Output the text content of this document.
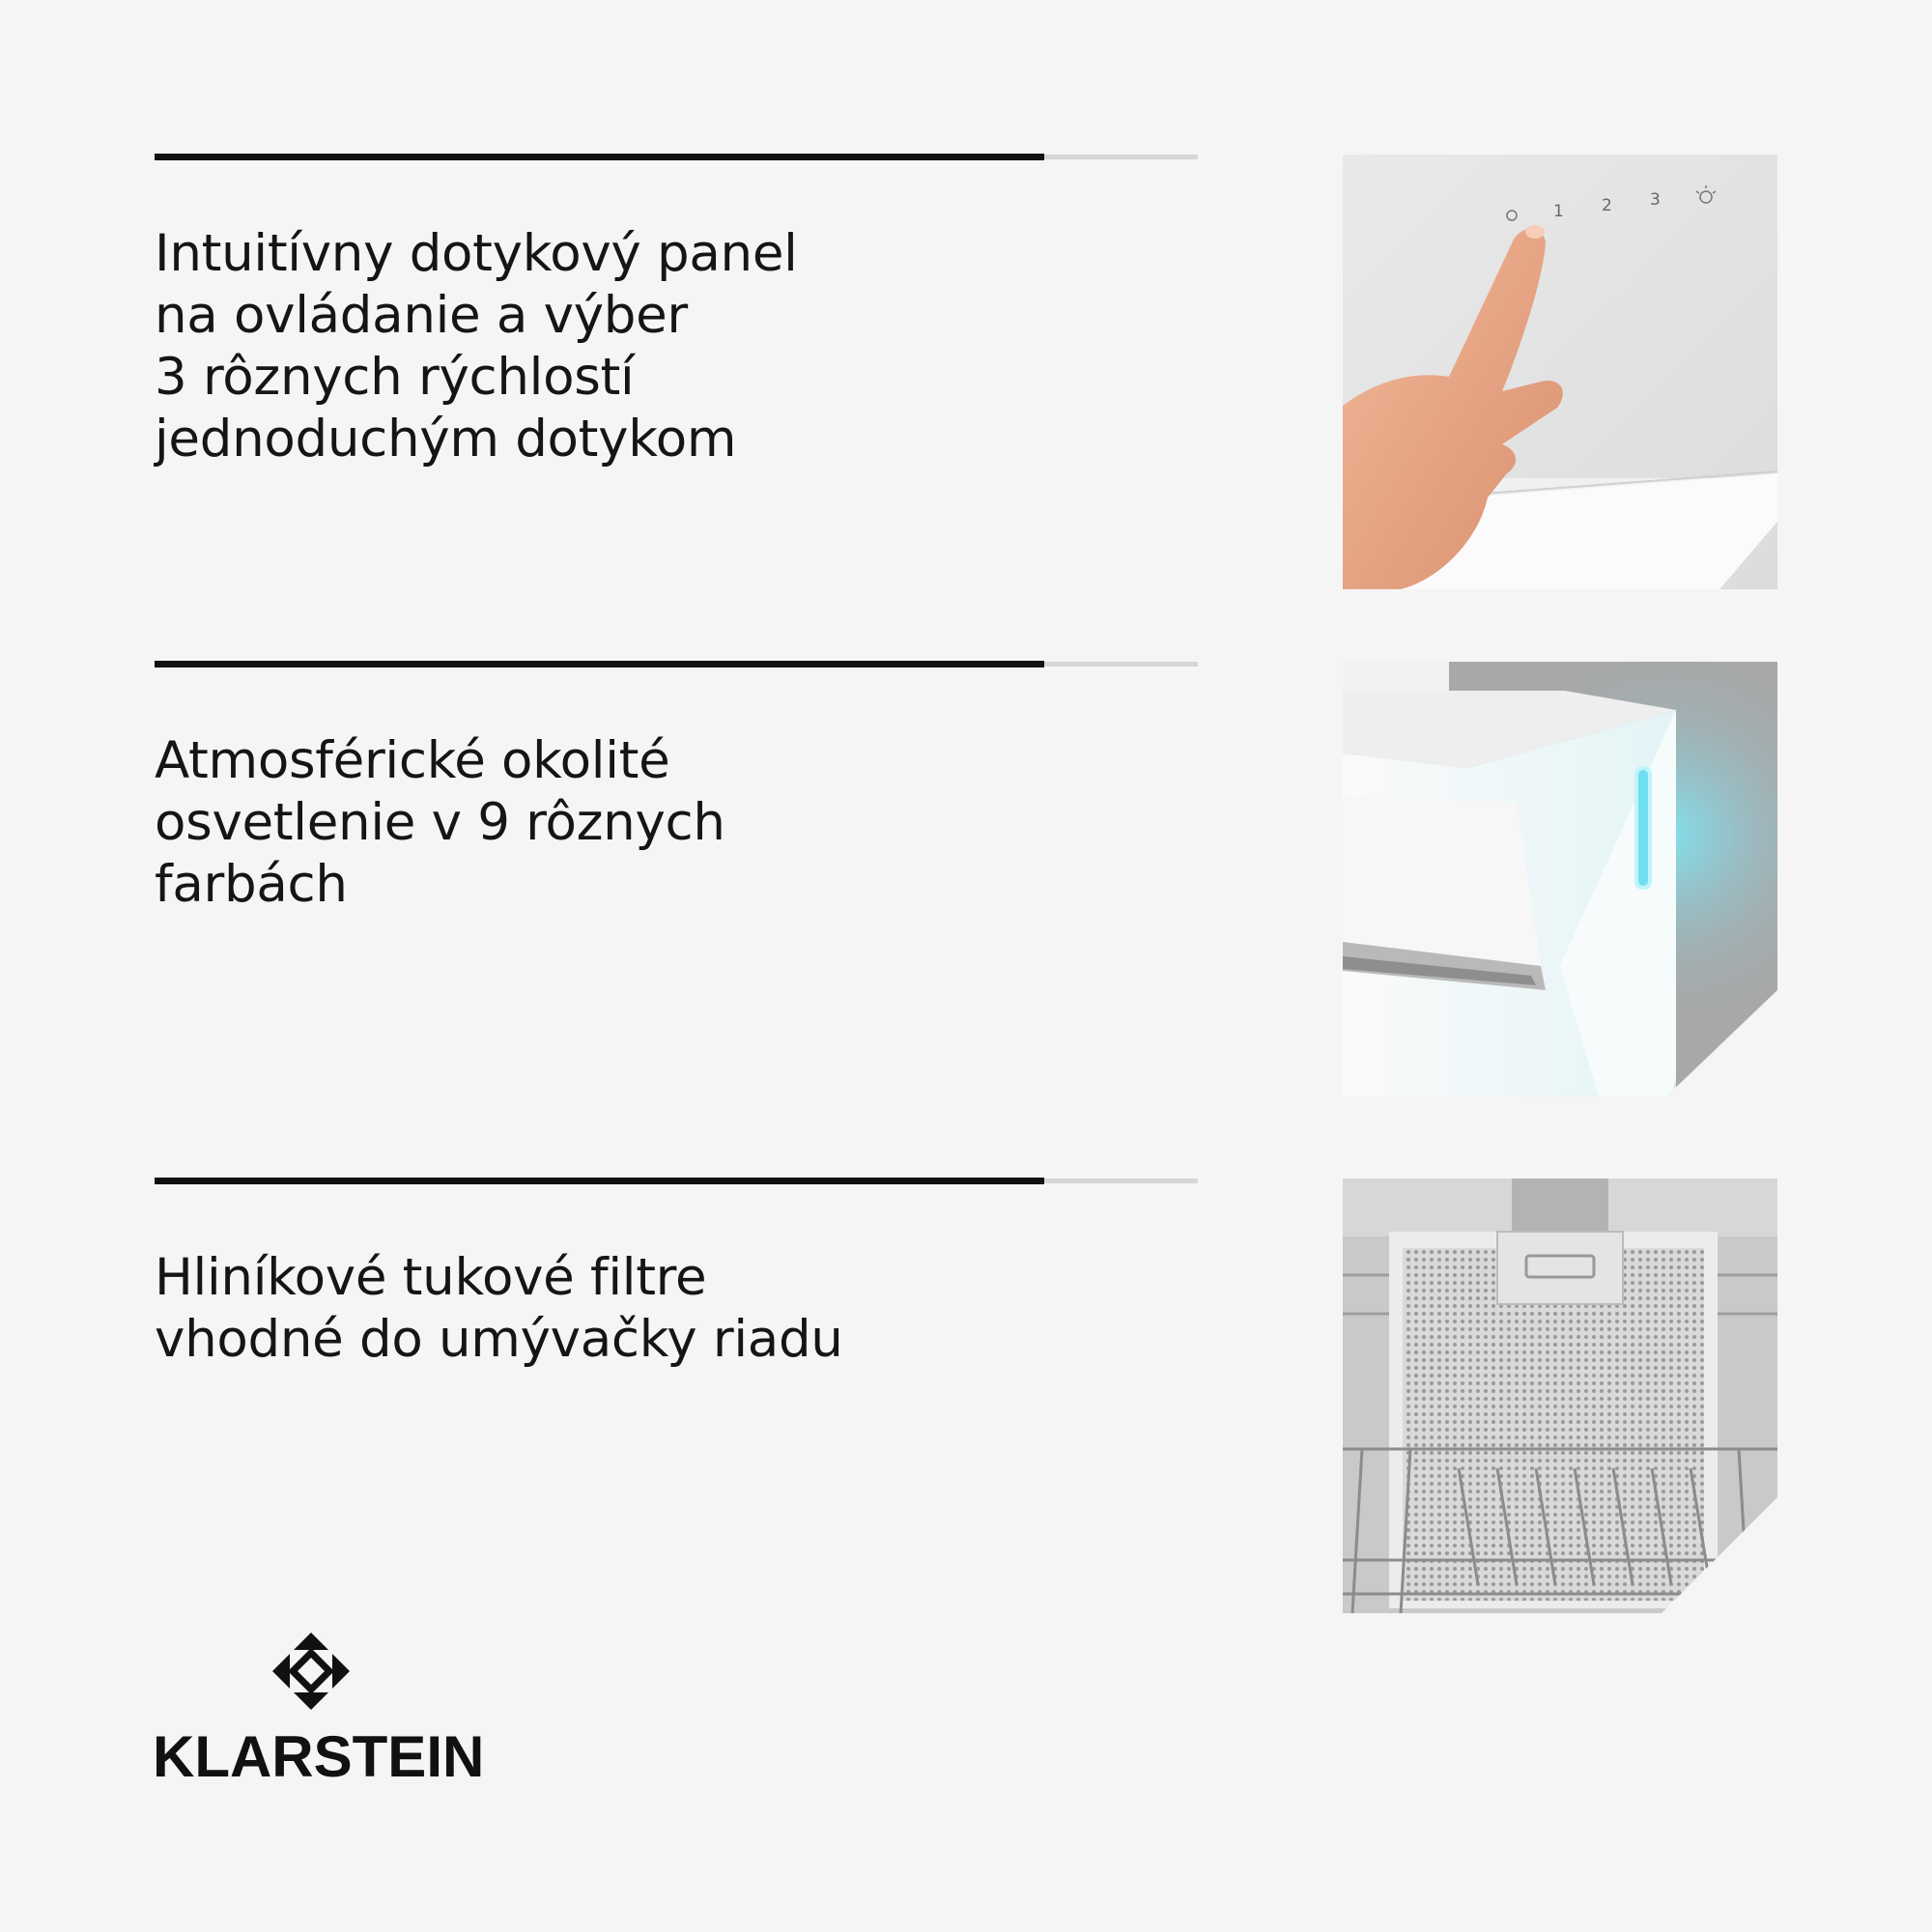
Intuitívny dotykový panel
na ovládanie a výber
3 rôznych rýchlostí
jednoduchým dotykom
1 2 3
Atmosférické okolité
osvetlenie v 9 rôznych
farbách
Hliníkové tukové filtre
vhodné do umývačky riadu
KLARSTEIN
